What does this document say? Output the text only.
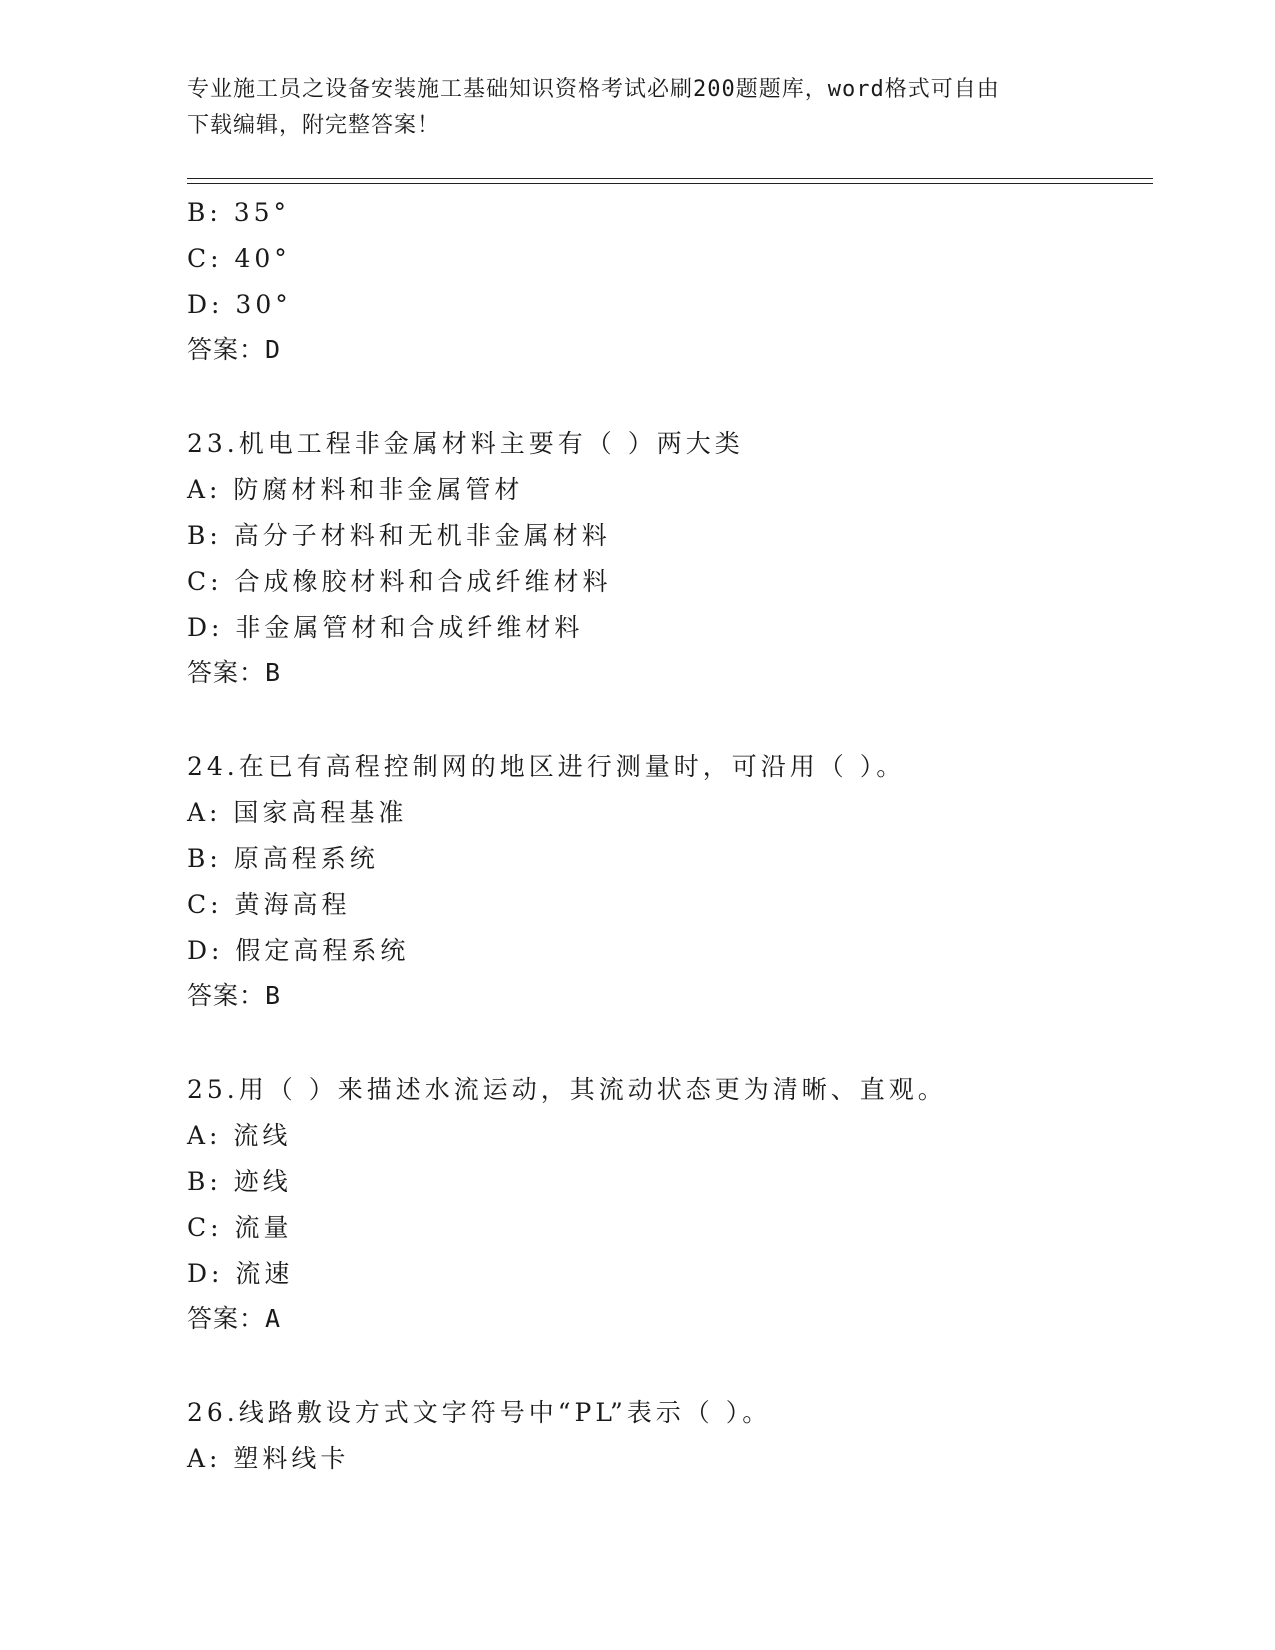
专业施工员之设备安装施工基础知识资格考试必刷200题题库，word格式可自由
下载编辑，附完整答案！
B: 35°
C: 40°
D: 30°
答案：D
23.机电工程非金属材料主要有（ ）两大类
A: 防腐材料和非金属管材
B: 高分子材料和无机非金属材料
C: 合成橡胶材料和合成纤维材料
D: 非金属管材和合成纤维材料
答案：B
24.在已有高程控制网的地区进行测量时，可沿用（ ）。
A: 国家高程基准
B: 原高程系统
C: 黄海高程
D: 假定高程系统
答案：B
25.用（ ）来描述水流运动，其流动状态更为清晰、直观。
A: 流线
B: 迹线
C: 流量
D: 流速
答案：A
26.线路敷设方式文字符号中“PL”表示（ ）。
A: 塑料线卡
